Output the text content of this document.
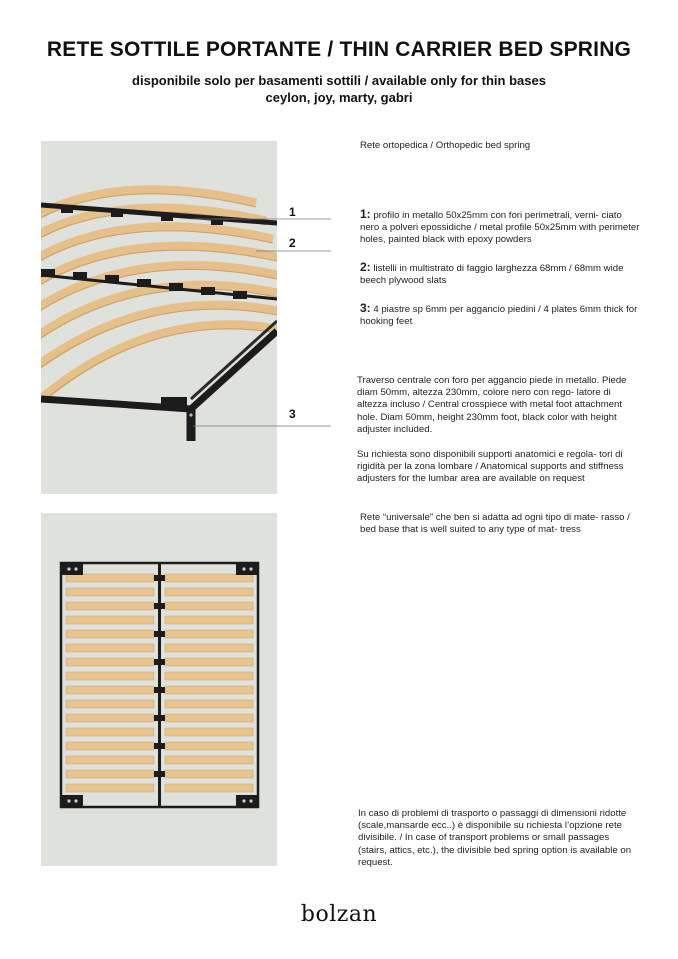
RETE SOTTILE PORTANTE / THIN CARRIER BED SPRING
disponibile solo per basamenti sottili / available only for thin bases
ceylon, joy, marty, gabri
1
2
3
Rete ortopedica / Orthopedic bed spring
1: profilo in metallo 50x25mm con fori perimetrali, verni- ciato nero a polveri epossidiche / metal profile 50x25mm with perimeter holes, painted black with epoxy powders
2: listelli in multistrato di faggio larghezza 68mm / 68mm wide beech plywood slats
3: 4 piastre sp 6mm per aggancio piedini / 4 plates 6mm thick for hooking feet
Traverso centrale con foro per aggancio piede in metallo. Piede diam 50mm, altezza 230mm, colore nero con rego- latore di altezza incluso / Central crosspiece with metal foot attachment hole. Diam 50mm, height 230mm foot, black color with height adjuster included.
Su richiesta sono disponibili supporti anatomici e regola- tori di rigidità per la zona lombare / Anatomical supports and stiffness adjusters for the lumbar area are available on request
Rete “universale” che ben si adatta ad ogni tipo di mate- rasso / bed base that is well suited to any type of mat- tress
In caso di problemi di trasporto o passaggi di dimensioni ridotte (scale,mansarde ecc..) è disponibile su richiesta l’opzione rete divisibile. / In case of transport problems or small passages (stairs, attics, etc.), the divisible bed spring option is available on request.
bolzan
